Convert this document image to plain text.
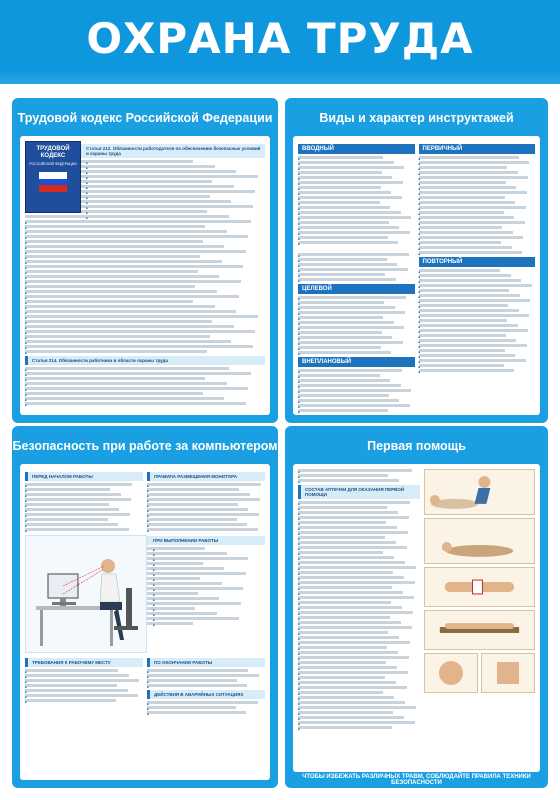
ОХРАНА ТРУДА
Трудовой кодекс Российской Федерации
ТРУДОВОЙ КОДЕКС
РОССИЙСКОЙ ФЕДЕРАЦИИ
Статья 212. Обязанности работодателя по обеспечению безопасных условий и охраны труда

■

■

■

■

■

■

■

■

■

■

■

■

■

■

■

■

■

■

■

■

■

■

■

■

■

■

■

■

■

■

■

■

■

■

■

■

■

■

■

Статья 214. Обязанности работника в области охраны труда

■

■

■

■

■

■

■

■

Виды и характер инструктажей
ВВОДНЫЙ

■

■

■

■

■

■

■

■

■

■

■

■

■

■

■

■

■

■

■

■

■

■

■

■

ЦЕЛЕВОЙ

■

■

■

■

■

■

■

■

■

■

■

■

ВНЕПЛАНОВЫЙ

■

■

■

■

■

■

■

■

■

ПЕРВИЧНЫЙ

■

■

■

■

■

■

■

■

■

■

■

■

■

■

■

■

■

■

■

■

ПОВТОРНЫЙ

■

■

■

■

■

■

■

■

■

■

■

■

■

■

■

■

■

■

■

■

■

Безопасность при работе за компьютером
ПЕРЕД НАЧАЛОМ РАБОТЫ

■

■

■

■

■

■

■

■

■

■	ПРАВИЛА РАЗМЕЩЕНИЯ МОНИТОРА

■

■

■

■

■

■

■

■

■

■

ПРИ ВЫПОЛНЕНИИ РАБОТЫ

■

■

■

■

■

■

■

■

■

■

■

■

■

■

■

■

ТРЕБОВАНИЯ К РАБОЧЕМУ МЕСТУ

■

■

■

■

■

■

■	ПО ОКОНЧАНИИ РАБОТЫ

■

■

■

■

ДЕЙСТВИЯ В АВАРИЙНЫХ СИТУАЦИЯХ

■

■

■

Первая помощь

■

■

■

СОСТАВ АПТЕЧКИ ДЛЯ ОКАЗАНИЯ ПЕРВОЙ ПОМОЩИ

■

■

■

■

■

■

■

■

■

■

■

■

■

■

■

■

■

■

■

■

■

■

■

■

■

■

■

■

■

■

■

■

■

■

■

■

■

■

■

■

■

■

■

■

■

■

ЧТОБЫ ИЗБЕЖАТЬ РАЗЛИЧНЫХ ТРАВМ, СОБЛЮДАЙТЕ ПРАВИЛА ТЕХНИКИ БЕЗОПАСНОСТИ
